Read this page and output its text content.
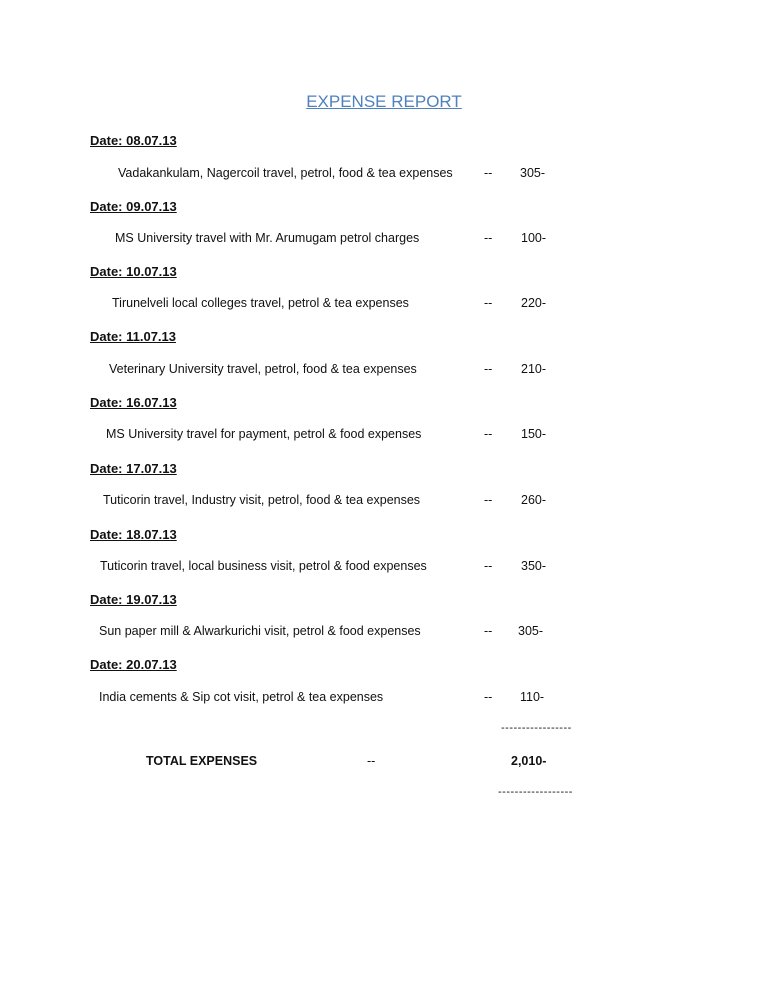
EXPENSE REPORT
Date: 08.07.13
Vadakankulam, Nagercoil travel, petrol, food & tea expenses	-- 305-
Date: 09.07.13
MS University travel with Mr. Arumugam petrol charges	-- 100-
Date: 10.07.13
Tirunelveli local colleges travel, petrol & tea expenses	-- 220-
Date: 11.07.13
Veterinary University travel, petrol, food & tea expenses	-- 210-
Date: 16.07.13
MS University travel for payment, petrol & food expenses	-- 150-
Date: 17.07.13
Tuticorin travel, Industry visit, petrol, food & tea expenses	-- 260-
Date: 18.07.13
Tuticorin travel, local business visit, petrol & food expenses	-- 350-
Date: 19.07.13
Sun paper mill & Alwarkurichi visit, petrol & food expenses	-- 305-
Date: 20.07.13
India cements & Sip cot visit, petrol & tea expenses	-- 110-
-----------------
TOTAL EXPENSES	--	2,010-
------------------
